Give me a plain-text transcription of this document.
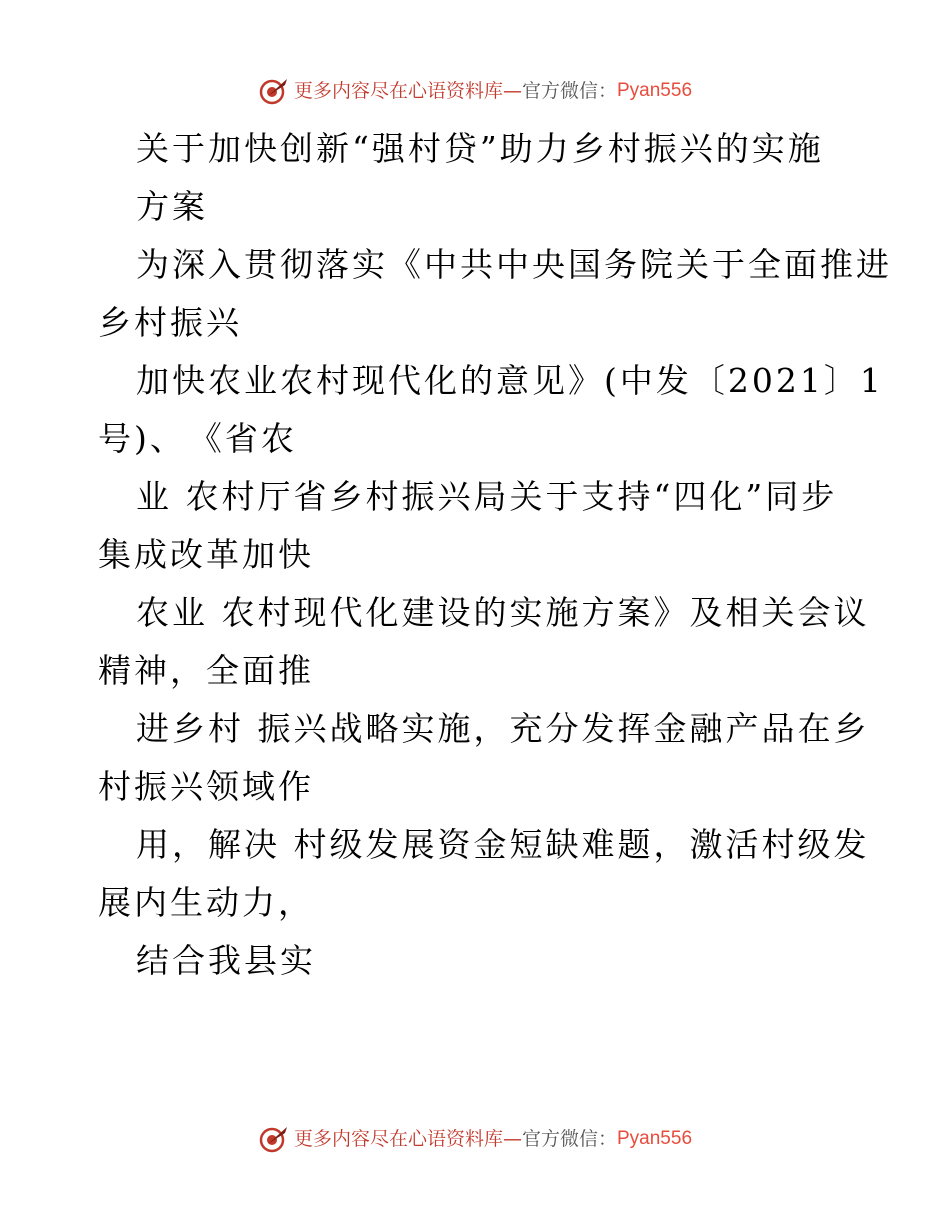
更多内容尽在心语资料库 — 官方微信： Pyan556
关于加快创新“强村贷”助力乡村振兴的实施
方案
为深入贯彻落实《中共中央国务院关于全面推进
乡村振兴
加快农业农村现代化的意见》(中发〔2021〕1
号)、　《省农
业 农村厅省乡村振兴局关于支持“四化”同步
集成改革加快
农业 农村现代化建设的实施方案》及相关会议
精神，全面推
进乡村 振兴战略实施，充分发挥金融产品在乡
村振兴领域作
用，解决 村级发展资金短缺难题，激活村级发
展内生动力，
结合我县实
更多内容尽在心语资料库 — 官方微信： Pyan556
